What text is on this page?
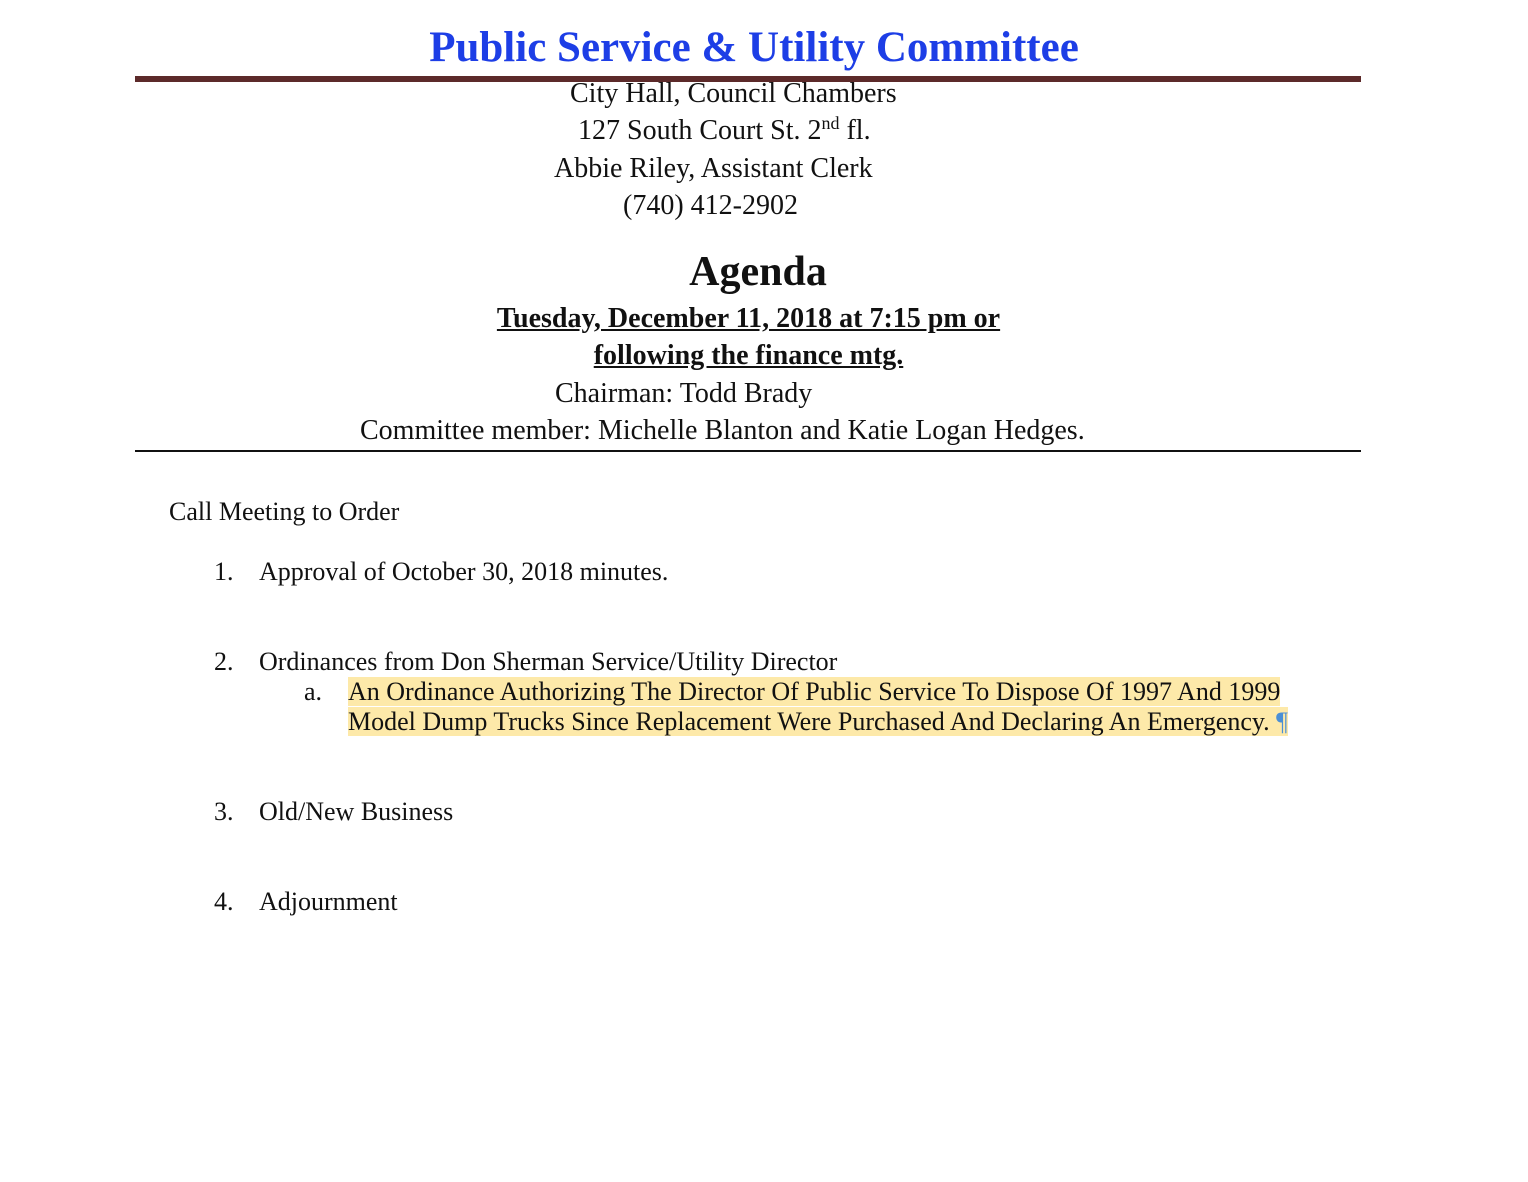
Public Service & Utility Committee
City Hall, Council Chambers
127 South Court St. 2nd fl.
Abbie Riley, Assistant Clerk
(740) 412-2902
Agenda
Tuesday, December 11, 2018 at 7:15 pm or
following the finance mtg.
Chairman: Todd Brady
Committee member: Michelle Blanton and Katie Logan Hedges.
Call Meeting to Order
1. Approval of October 30, 2018 minutes.
2. Ordinances from Don Sherman Service/Utility Director
a. An Ordinance Authorizing The Director Of Public Service To Dispose Of 1997 And 1999
Model Dump Trucks Since Replacement Were Purchased And Declaring An Emergency. ¶
3. Old/New Business
4. Adjournment
